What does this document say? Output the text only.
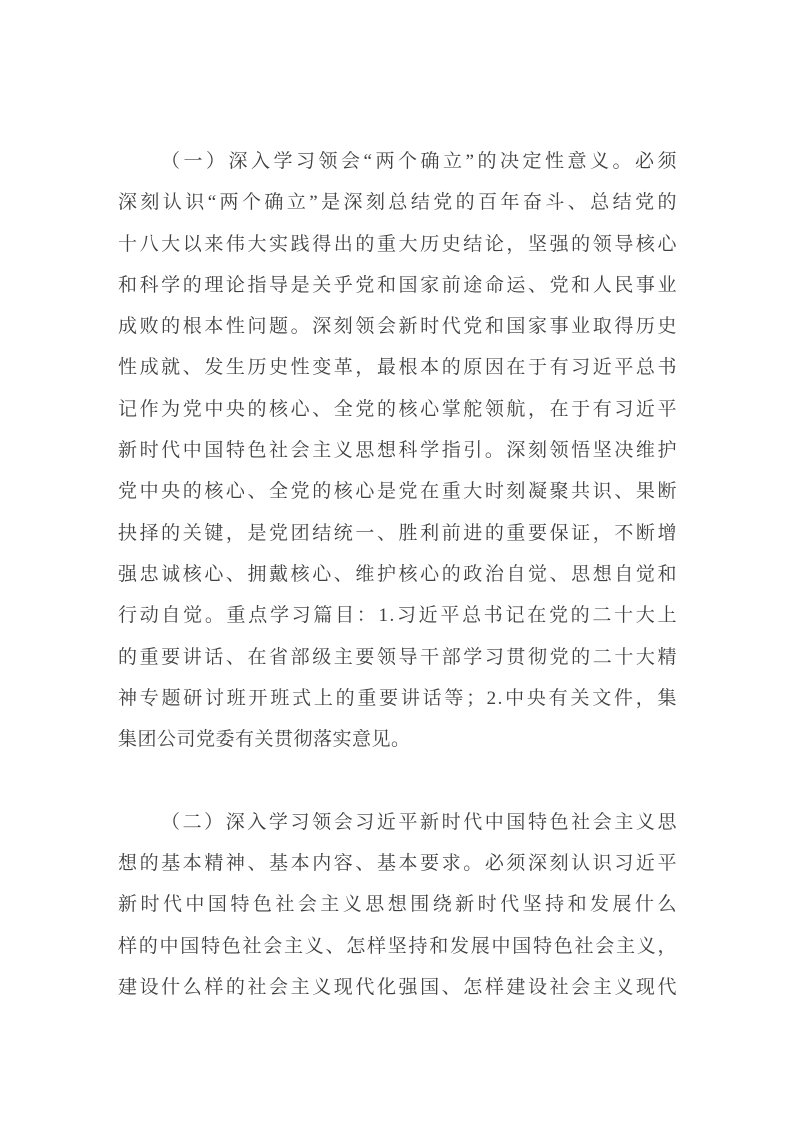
（一）深入学习领会“两个确立”的决定性意义。必须
深刻认识“两个确立”是深刻总结党的百年奋斗、总结党的
十八大以来伟大实践得出的重大历史结论，坚强的领导核心
和科学的理论指导是关乎党和国家前途命运、党和人民事业
成败的根本性问题。深刻领会新时代党和国家事业取得历史
性成就、发生历史性变革，最根本的原因在于有习近平总书
记作为党中央的核心、全党的核心掌舵领航，在于有习近平
新时代中国特色社会主义思想科学指引。深刻领悟坚决维护
党中央的核心、全党的核心是党在重大时刻凝聚共识、果断
抉择的关键，是党团结统一、胜利前进的重要保证，不断增
强忠诚核心、拥戴核心、维护核心的政治自觉、思想自觉和
行动自觉。重点学习篇目：1.习近平总书记在党的二十大上
的重要讲话、在省部级主要领导干部学习贯彻党的二十大精
神专题研讨班开班式上的重要讲话等；2.中央有关文件，集
集团公司党委有关贯彻落实意见。
（二）深入学习领会习近平新时代中国特色社会主义思
想的基本精神、基本内容、基本要求。必须深刻认识习近平
新时代中国特色社会主义思想围绕新时代坚持和发展什么
样的中国特色社会主义、怎样坚持和发展中国特色社会主义，
建设什么样的社会主义现代化强国、怎样建设社会主义现代
